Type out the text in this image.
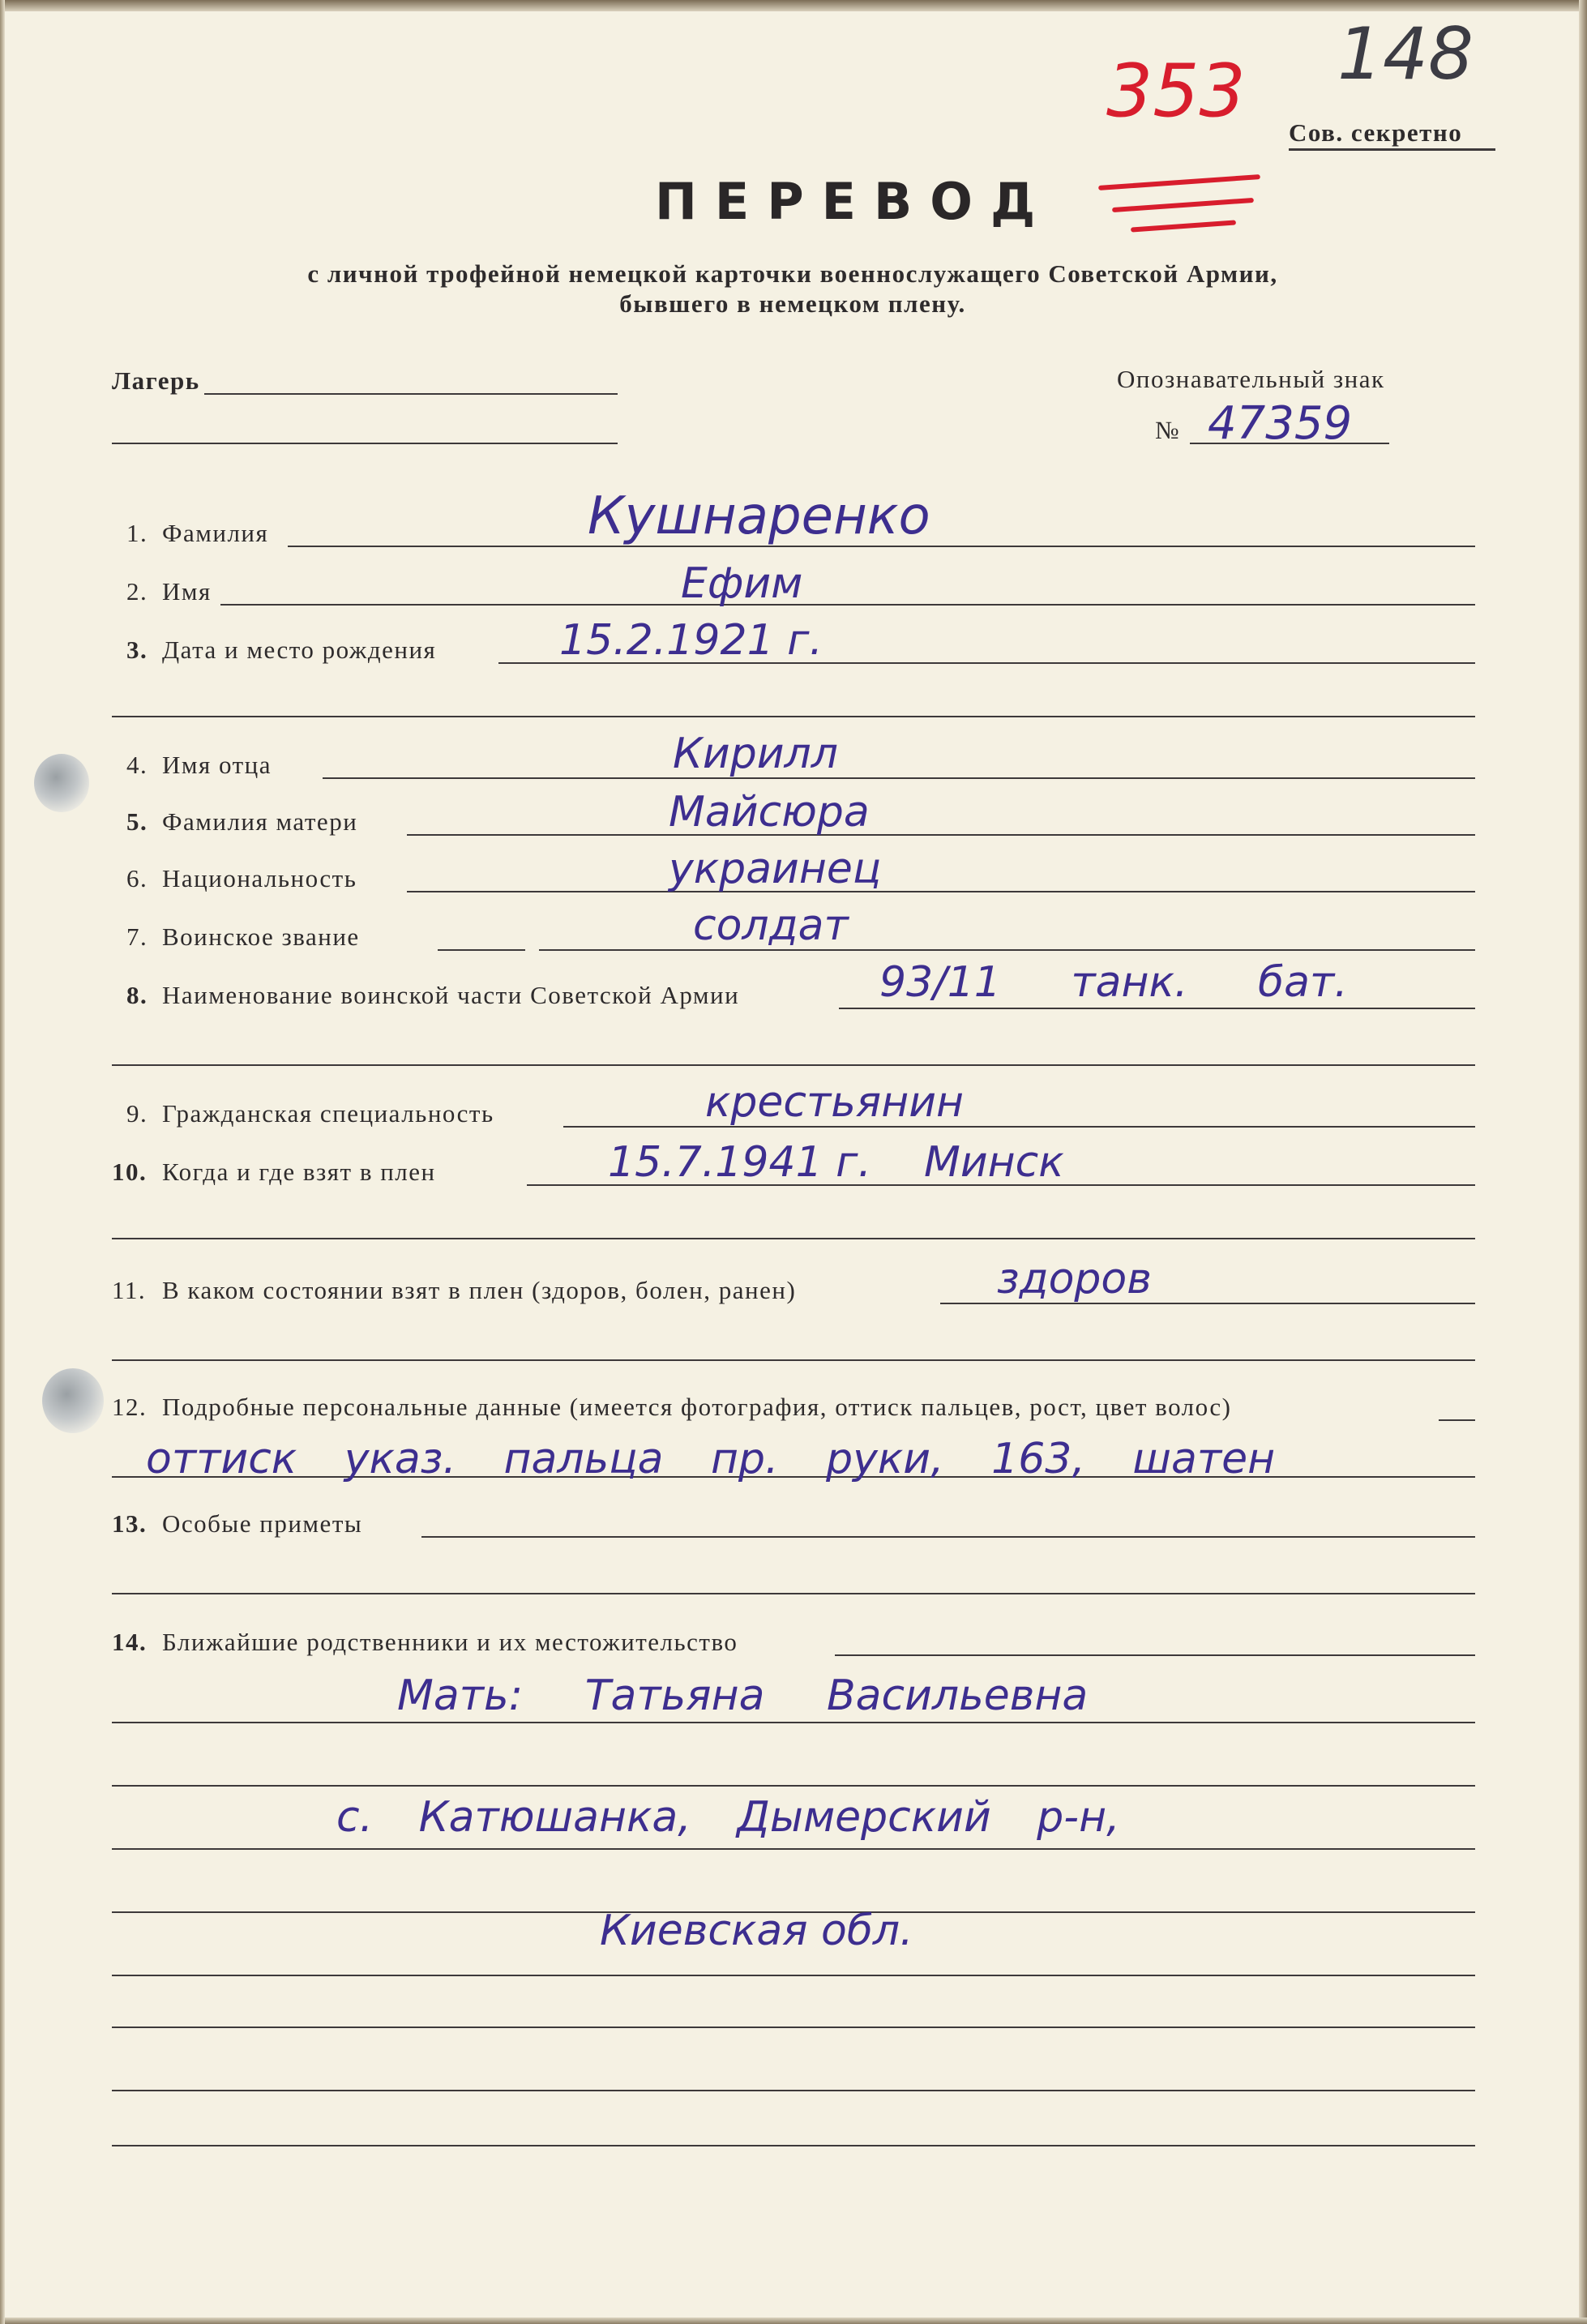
353 148
Сов. секретно
ПЕРЕВОД
с личной трофейной немецкой карточки военнослужащего Советской Армии,
бывшего в немецком плену.
Лагерь	Опознавательный знак
№ 47359
1. Фамилия	Кушнаренко
2. Имя	Ефим
3. Дата и место рождения	15.2.1921 г.
4. Имя отца	Кирилл
5. Фамилия матери	Майсюра
6. Национальность	украинец
7. Воинское звание	солдат
8. Наименование воинской части Советской Армии	93/11 танк. бат.
9. Гражданская специальность	крестьянин
10. Когда и где взят в плен	15.7.1941 г. Минск
11. В каком состоянии взят в плен (здоров, болен, ранен)	здоров
12. Подробные персональные данные (имеется фотография, оттиск пальцев, рост, цвет волос)
оттиск указ. пальца пр. руки, 163, шатен
13. Особые приметы
14. Ближайшие родственники и их местожительство
Мать: Татьяна Васильевна
с. Катюшанка, Дымерский р-н,
Киевская обл.
